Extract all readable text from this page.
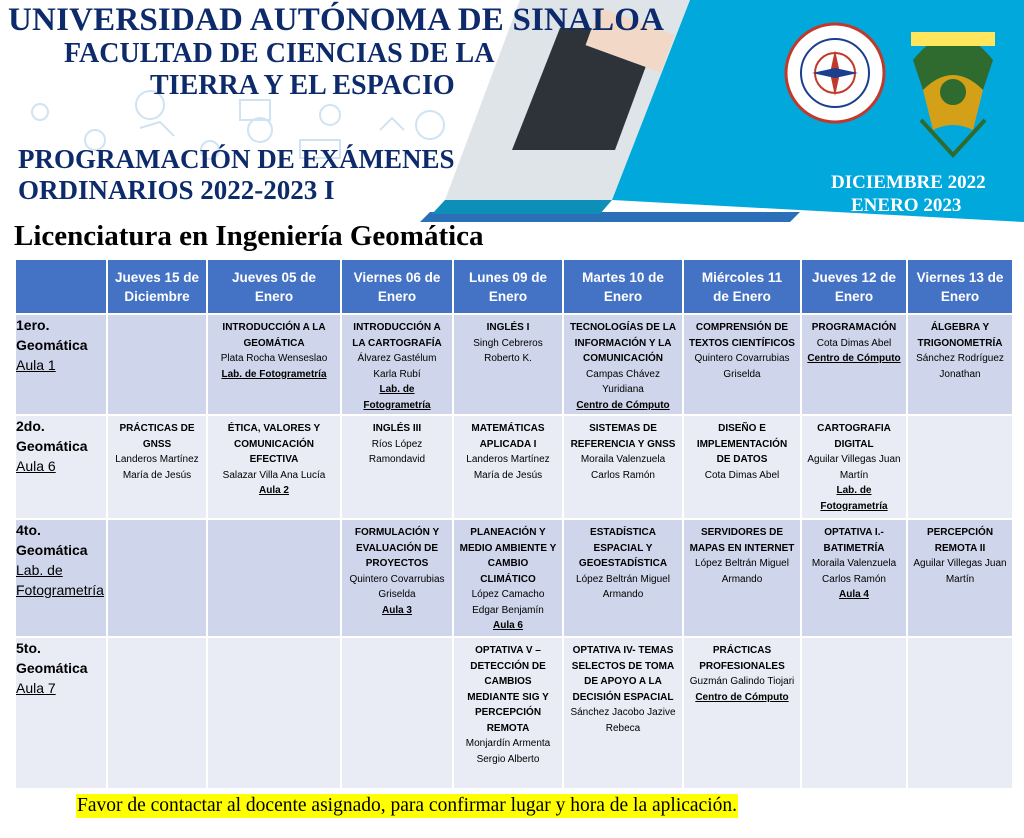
UNIVERSIDAD AUTÓNOMA DE SINALOA
FACULTAD DE CIENCIAS DE LA
TIERRA Y EL ESPACIO
PROGRAMACIÓN DE EXÁMENES
ORDINARIOS 2022-2023 I	DICIEMBRE 2022
ENERO 2023
Licenciatura en Ingeniería Geomática
	Jueves 15 de
Diciembre	Jueves 05 de
Enero	Viernes 06 de
Enero	Lunes 09 de
Enero	Martes 10 de
Enero	Miércoles 11
de Enero	Jueves 12 de
Enero	Viernes 13 de
Enero

1ero.
Geomática
Aula 1		INTRODUCCIÓN A LA GEOMÁTICA
Plata Rocha Wenseslao
Lab. de Fotogrametría	INTRODUCCIÓN A LA CARTOGRAFÍA
Álvarez Gastélum Karla Rubí
Lab. de Fotogrametría	INGLÉS I
Singh Cebreros Roberto K.	TECNOLOGÍAS DE LA INFORMACIÓN Y LA COMUNICACIÓN
Campas Chávez Yuridiana
Centro de Cómputo	COMPRENSIÓN DE TEXTOS CIENTÍFICOS
Quintero Covarrubias Griselda	PROGRAMACIÓN
Cota Dimas Abel
Centro de Cómputo	ÁLGEBRA Y TRIGONOMETRÍA
Sánchez Rodríguez Jonathan

2do.
Geomática
Aula 6	PRÁCTICAS DE GNSS
Landeros Martínez María de Jesús	ÉTICA, VALORES Y COMUNICACIÓN EFECTIVA
Salazar Villa Ana Lucía
Aula 2	INGLÉS III
Ríos López Ramondavid	MATEMÁTICAS APLICADA I
Landeros Martínez María de Jesús	SISTEMAS DE REFERENCIA Y GNSS
Moraila Valenzuela Carlos Ramón	DISEÑO E IMPLEMENTACIÓN DE DATOS
Cota Dimas Abel	CARTOGRAFIA DIGITAL
Aguilar Villegas Juan Martín
Lab. de Fotogrametría	

4to.
Geomática
Lab. de Fotogrametría			FORMULACIÓN Y EVALUACIÓN DE PROYECTOS
Quintero Covarrubias Griselda
Aula 3	PLANEACIÓN Y MEDIO AMBIENTE Y CAMBIO CLIMÁTICO
López Camacho Edgar Benjamín
Aula 6	ESTADÍSTICA ESPACIAL Y GEOESTADÍSTICA
López Beltrán Miguel Armando	SERVIDORES DE MAPAS EN INTERNET
López Beltrán Miguel Armando	OPTATIVA I.- BATIMETRÍA
Moraila Valenzuela Carlos Ramón
Aula 4	PERCEPCIÓN REMOTA II
Aguilar Villegas Juan Martín

5to.
Geomática
Aula 7				OPTATIVA V – DETECCIÓN DE CAMBIOS MEDIANTE SIG Y PERCEPCIÓN REMOTA
Monjardín Armenta Sergio Alberto	OPTATIVA IV- TEMAS SELECTOS DE TOMA DE APOYO A LA DECISIÓN ESPACIAL
Sánchez Jacobo Jazive Rebeca	PRÁCTICAS PROFESIONALES
Guzmán Galindo Tiojari
Centro de Cómputo		

Favor de contactar al docente asignado, para confirmar lugar y hora de la aplicación.
